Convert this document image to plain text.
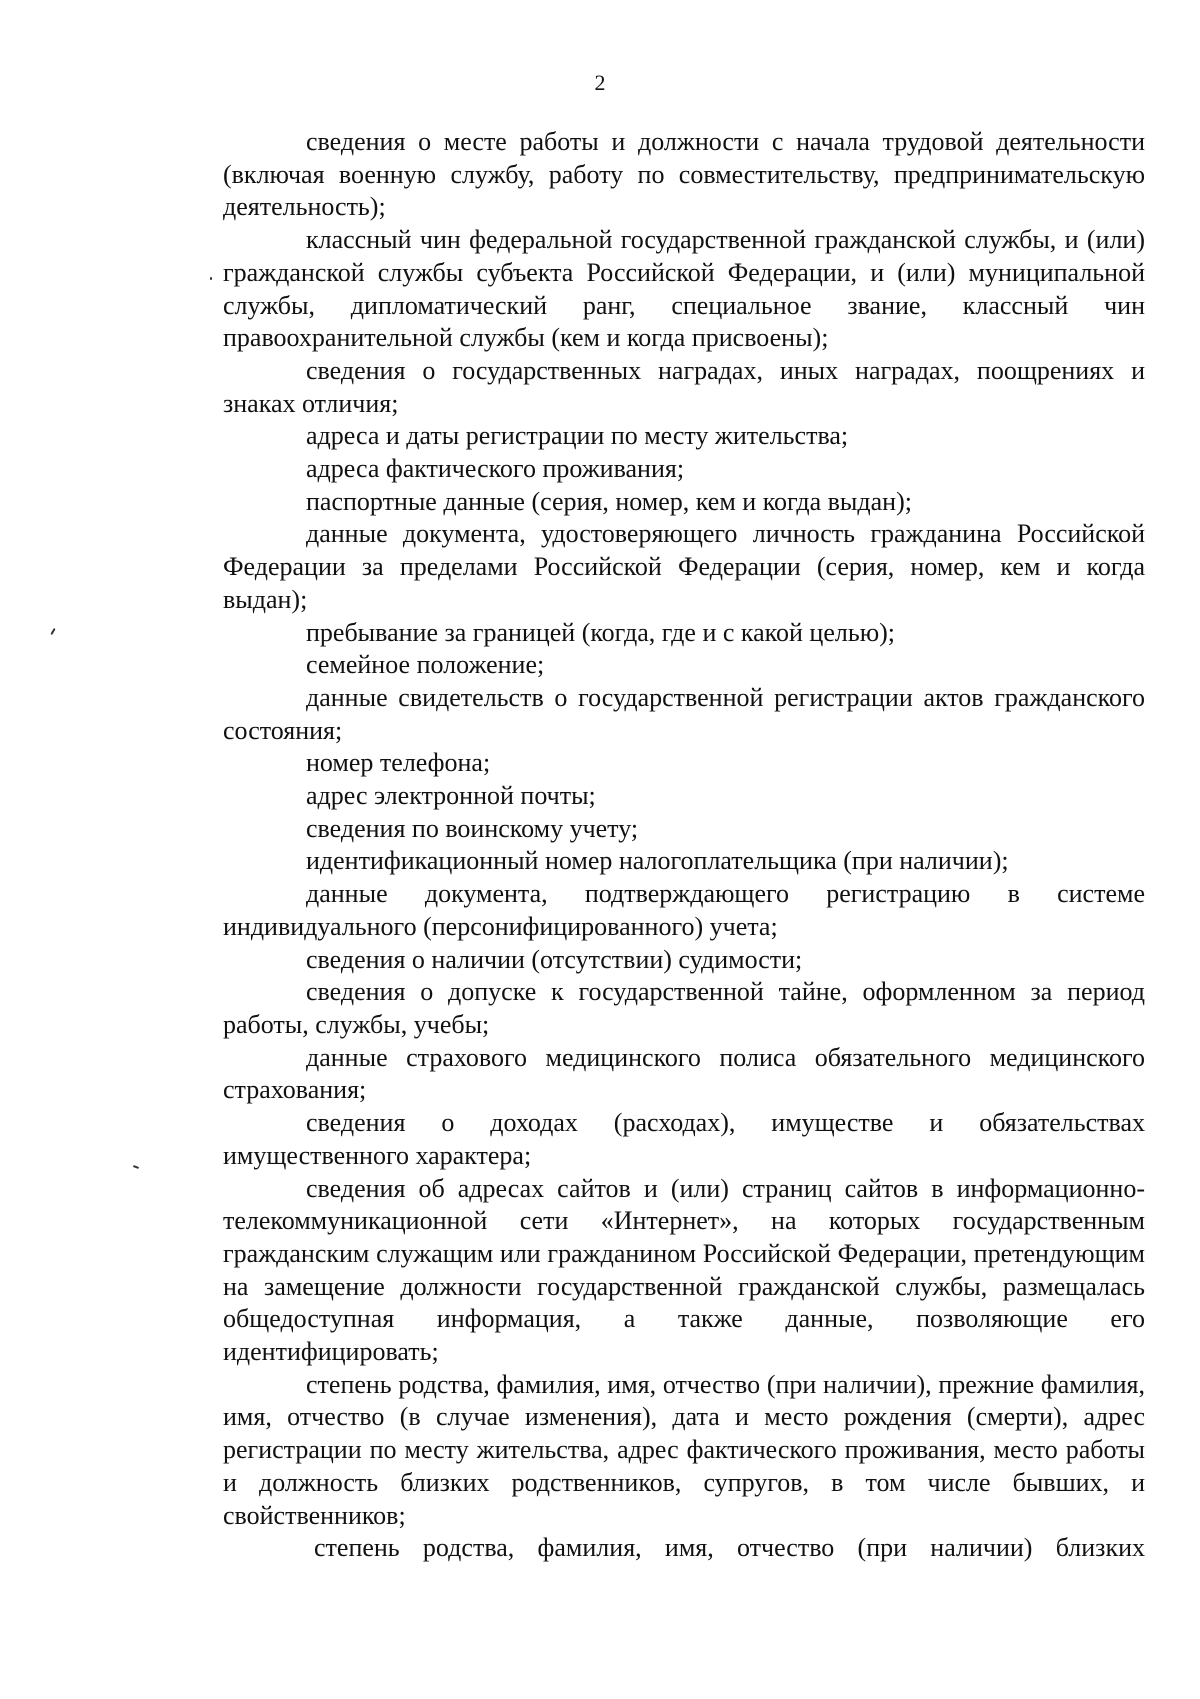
2

сведения о месте работы и должности с начала трудовой деятельности (включая военную службу, работу по совместительству, предпринимательскую деятельность);

классный чин федеральной государственной гражданской службы, и (или) гражданской службы субъекта Российской Федерации, и (или) муниципальной службы, дипломатический ранг, специальное звание, классный чин правоохранительной службы (кем и когда присвоены);

сведения о государственных наградах, иных наградах, поощрениях и знаках отличия;

адреса и даты регистрации по месту жительства;

адреса фактического проживания;

паспортные данные (серия, номер, кем и когда выдан);

данные документа, удостоверяющего личность гражданина Российской Федерации за пределами Российской Федерации (серия, номер, кем и когда выдан);

пребывание за границей (когда, где и с какой целью);

семейное положение;

данные свидетельств о государственной регистрации актов гражданского состояния;

номер телефона;

адрес электронной почты;

сведения по воинскому учету;

идентификационный номер налогоплательщика (при наличии);

данные документа, подтверждающего регистрацию в системе индивидуального (персонифицированного) учета;

сведения о наличии (отсутствии) судимости;

сведения о допуске к государственной тайне, оформленном за период работы, службы, учебы;

данные страхового медицинского полиса обязательного медицинского страхования;

сведения о доходах (расходах), имуществе и обязательствах имущественного характера;

сведения об адресах сайтов и (или) страниц сайтов в информационно-телекоммуникационной сети «Интернет», на которых государственным гражданским служащим или гражданином Российской Федерации, претендующим на замещение должности государственной гражданской службы, размещалась общедоступная информация, а также данные, позволяющие его идентифицировать;

степень родства, фамилия, имя, отчество (при наличии), прежние фамилия, имя, отчество (в случае изменения), дата и место рождения (смерти), адрес регистрации по месту жительства, адрес фактического проживания, место работы и должность близких родственников, супругов, в том числе бывших, и свойственников;

степень родства, фамилия, имя, отчество (при наличии) близких
